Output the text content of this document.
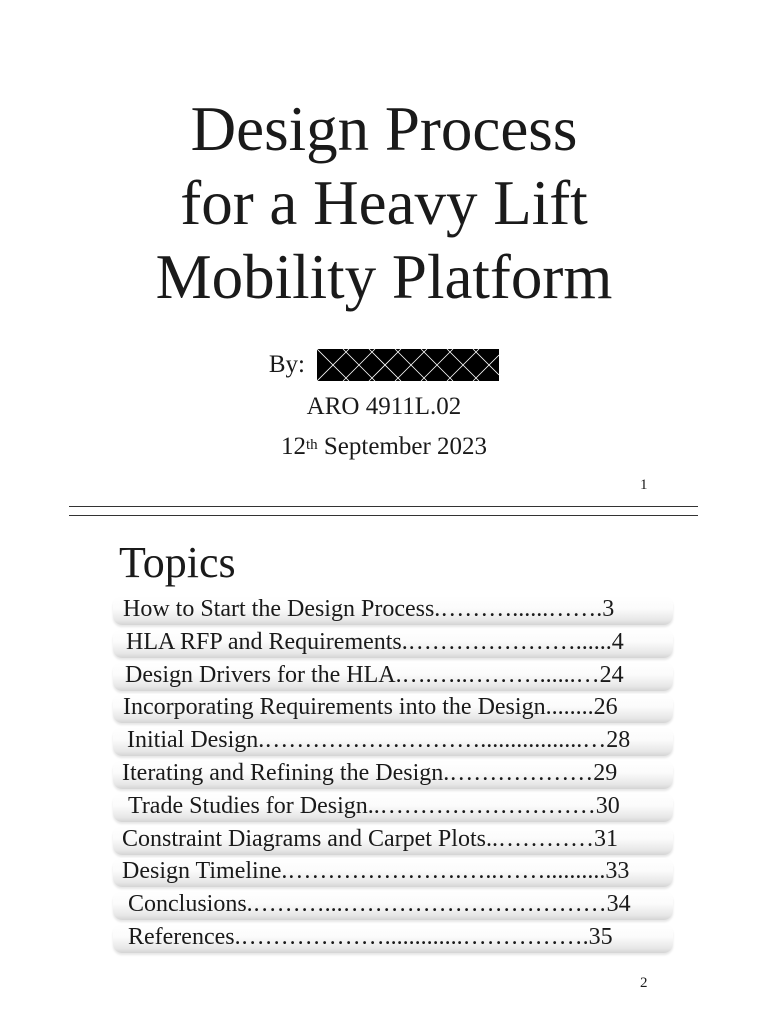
Design Process
for a Heavy Lift
Mobility Platform
By:
ARO 4911L.02
12th September 2023
1
Topics
How to Start the Design Process.………......…….3
HLA RFP and Requirements.…………………......4
Design Drivers for the HLA.….…..………......…24
Incorporating Requirements into the Design........26
Initial Design.……………………….................…28
Iterating and Refining the Design.………………29
Trade Studies for Design..………………………30
Constraint Diagrams and Carpet Plots..…………31
Design Timeline.………………….…..……..........33
Conclusions.………...……………………………34
References.……………….............…………….35
2
